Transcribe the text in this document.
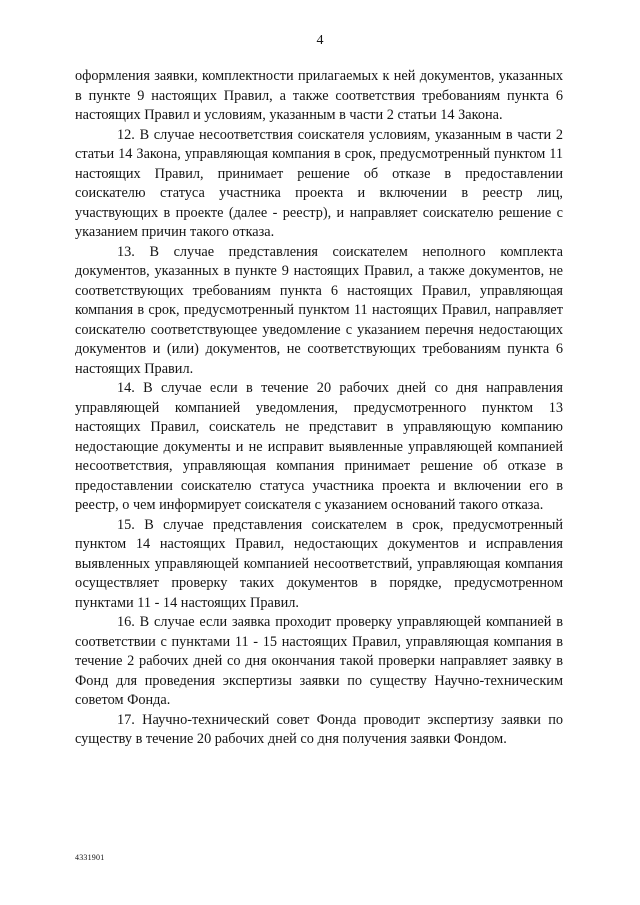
4

оформления заявки, комплектности прилагаемых к ней документов, указанных в пункте 9 настоящих Правил, а также соответствия требованиям пункта 6 настоящих Правил и условиям, указанным в части 2 статьи 14 Закона.

12. В случае несоответствия соискателя условиям, указанным в части 2 статьи 14 Закона, управляющая компания в срок, предусмотренный пунктом 11 настоящих Правил, принимает решение об отказе в предоставлении соискателю статуса участника проекта и включении в реестр лиц, участвующих в проекте (далее - реестр), и направляет соискателю решение с указанием причин такого отказа.

13. В случае представления соискателем неполного комплекта документов, указанных в пункте 9 настоящих Правил, а также документов, не соответствующих требованиям пункта 6 настоящих Правил, управляющая компания в срок, предусмотренный пунктом 11 настоящих Правил, направляет соискателю соответствующее уведомление с указанием перечня недостающих документов и (или) документов, не соответствующих требованиям пункта 6 настоящих Правил.

14. В случае если в течение 20 рабочих дней со дня направления управляющей компанией уведомления, предусмотренного пунктом 13 настоящих Правил, соискатель не представит в управляющую компанию недостающие документы и не исправит выявленные управляющей компанией несоответствия, управляющая компания принимает решение об отказе в предоставлении соискателю статуса участника проекта и включении его в реестр, о чем информирует соискателя с указанием оснований такого отказа.

15. В случае представления соискателем в срок, предусмотренный пунктом 14 настоящих Правил, недостающих документов и исправления выявленных управляющей компанией несоответствий, управляющая компания осуществляет проверку таких документов в порядке, предусмотренном пунктами 11 - 14 настоящих Правил.

16. В случае если заявка проходит проверку управляющей компанией в соответствии с пунктами 11 - 15 настоящих Правил, управляющая компания в течение 2 рабочих дней со дня окончания такой проверки направляет заявку в Фонд для проведения экспертизы заявки по существу Научно-техническим советом Фонда.

17. Научно-технический совет Фонда проводит экспертизу заявки по существу в течение 20 рабочих дней со дня получения заявки Фондом.

4331901
